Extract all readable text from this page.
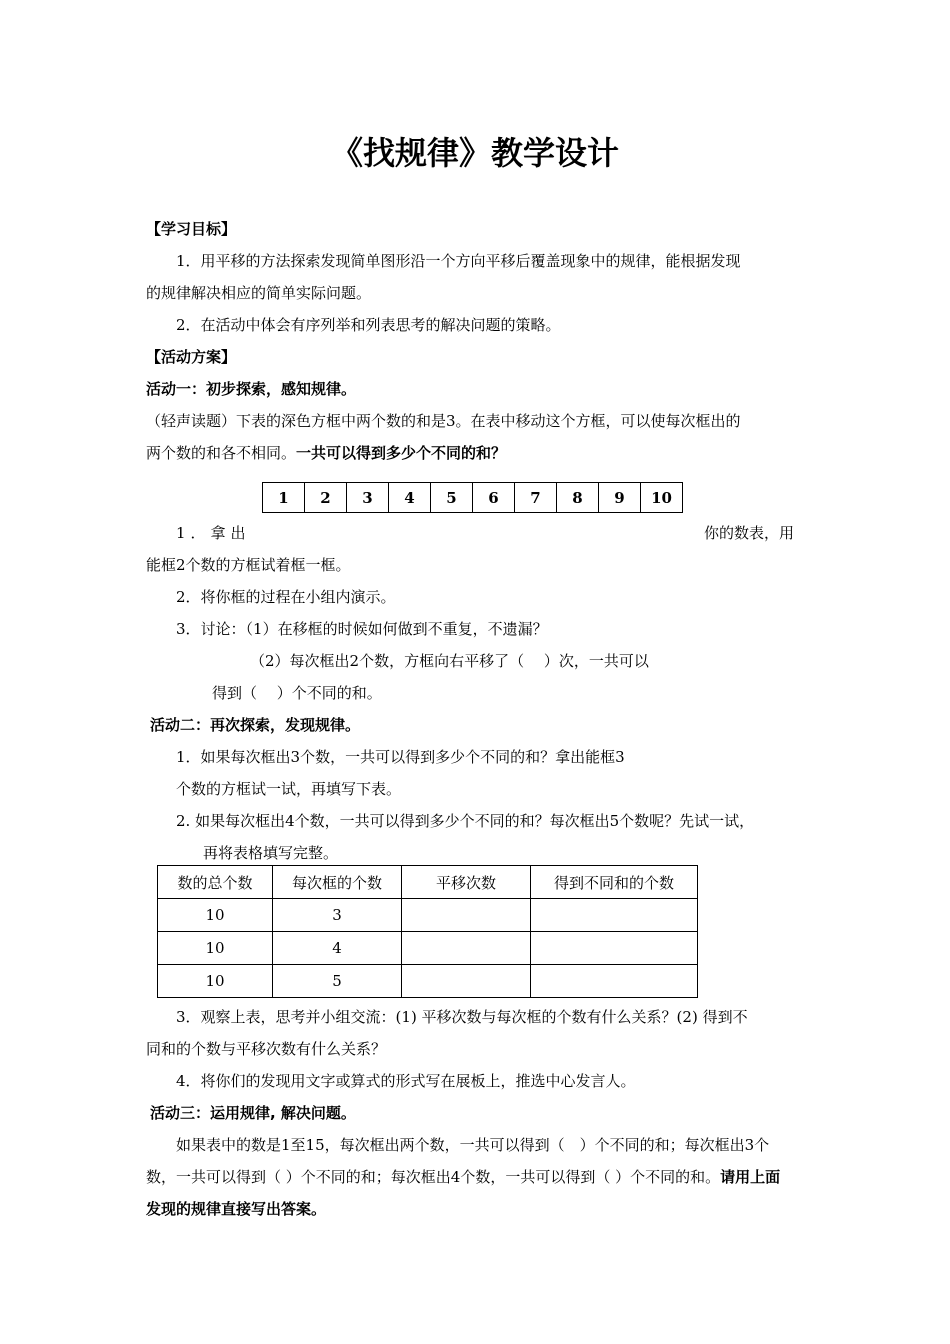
《找规律》教学设计
【学习目标】
1．用平移的方法探索发现简单图形沿一个方向平移后覆盖现象中的规律，能根据发现
的规律解决相应的简单实际问题。
2．在活动中体会有序列举和列表思考的解决问题的策略。
【活动方案】
活动一：初步探索，感知规律。
（轻声读题）下表的深色方框中两个数的和是3。在表中移动这个方框，可以使每次框出的
两个数的和各不相同。一共可以得到多少个不同的和？
1	2	3	4	5	6	7	8	9	10
1．拿出	你的数表，用
能框2个数的方框试着框一框。
2．将你框的过程在小组内演示。
3．讨论：（1）在移框的时候如何做到不重复，不遗漏？
（2）每次框出2个数，方框向右平移了（　 ）次，一共可以
得到（　 ）个不同的和。
活动二：再次探索，发现规律。
1．如果每次框出3个数，一共可以得到多少个不同的和？拿出能框3
个数的方框试一试，再填写下表。
2. 如果每次框出4个数，一共可以得到多少个不同的和？每次框出5个数呢？先试一试，
再将表格填写完整。
数的总个数	每次框的个数	平移次数	得到不同和的个数
10	3		
10	4		
10	5		
3．观察上表，思考并小组交流：(1) 平移次数与每次框的个数有什么关系？(2) 得到不
同和的个数与平移次数有什么关系？
4．将你们的发现用文字或算式的形式写在展板上，推选中心发言人。
活动三：运用规律, 解决问题。
如果表中的数是1至15，每次框出两个数，一共可以得到（　）个不同的和；每次框出3个
数，一共可以得到（ ）个不同的和；每次框出4个数，一共可以得到（ ）个不同的和。请用上面
发现的规律直接写出答案。
